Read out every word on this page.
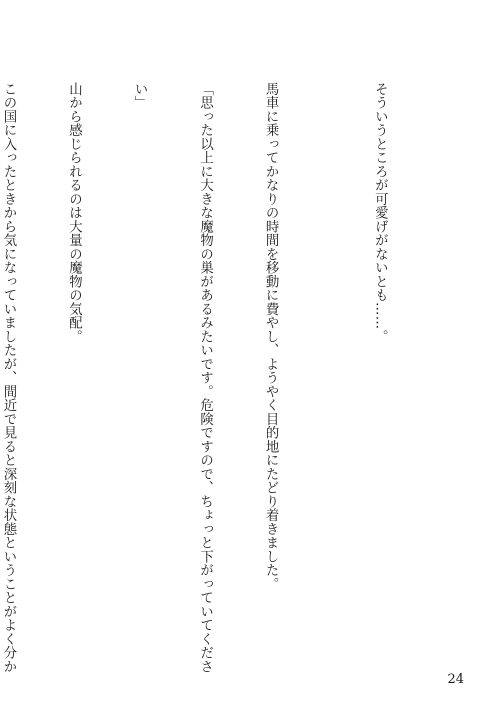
そういうところが可愛げがないとも……。

馬車に乗ってかなりの時間を移動に費やし、ようやく目的地にたどり着きました。

「思った以上に大きな魔物の巣があるみたいです。危険ですので、ちょっと下がっていてくださ

い」

山から感じられるのは大量の魔物の気配。

この国に入ったときから気になっていましたが、間近で見ると深刻な状態ということがよく分か

24
